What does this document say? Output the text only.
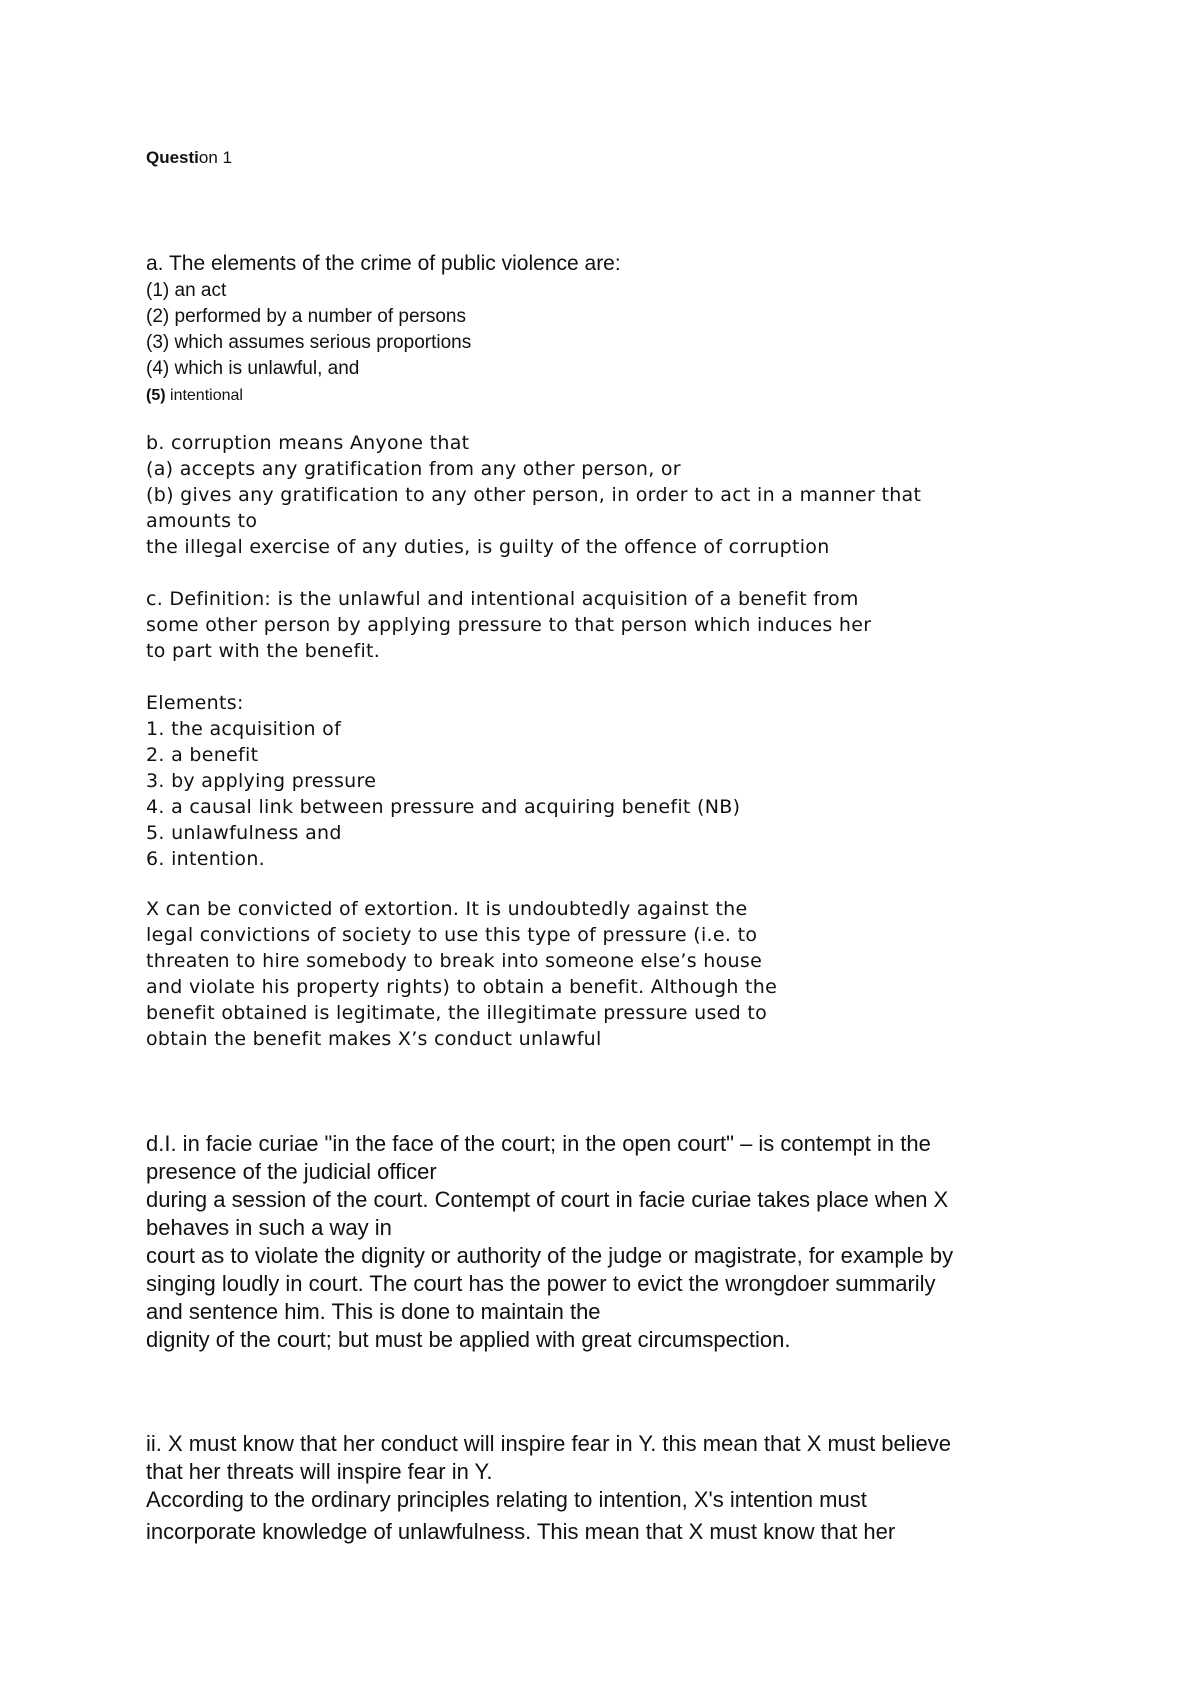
Question 1
a. The elements of the crime of public violence are:
(1) an act
(2) performed by a number of persons
(3) which assumes serious proportions
(4) which is unlawful, and
(5) intentional
b. corruption means Anyone that
(a) accepts any gratification from any other person, or
(b) gives any gratification to any other person, in order to act in a manner that
amounts to
the illegal exercise of any duties, is guilty of the offence of corruption
c. Definition: is the unlawful and intentional acquisition of a benefit from
some other person by applying pressure to that person which induces her
to part with the benefit.
Elements:
1. the acquisition of
2. a benefit
3. by applying pressure
4. a causal link between pressure and acquiring benefit (NB)
5. unlawfulness and
6. intention.
X can be convicted of extortion. It is undoubtedly against the
legal convictions of society to use this type of pressure (i.e. to
threaten to hire somebody to break into someone else’s house
and violate his property rights) to obtain a benefit. Although the
benefit obtained is legitimate, the illegitimate pressure used to
obtain the benefit makes X’s conduct unlawful
d.I. in facie curiae "in the face of the court; in the open court" – is contempt in the
presence of the judicial officer
during a session of the court. Contempt of court in facie curiae takes place when X
behaves in such a way in
court as to violate the dignity or authority of the judge or magistrate, for example by
singing loudly in court. The court has the power to evict the wrongdoer summarily
and sentence him. This is done to maintain the
dignity of the court; but must be applied with great circumspection.
ii. X must know that her conduct will inspire fear in Y. this mean that X must believe
that her threats will inspire fear in Y.
According to the ordinary principles relating to intention, X's intention must
incorporate knowledge of unlawfulness. This mean that X must know that her
